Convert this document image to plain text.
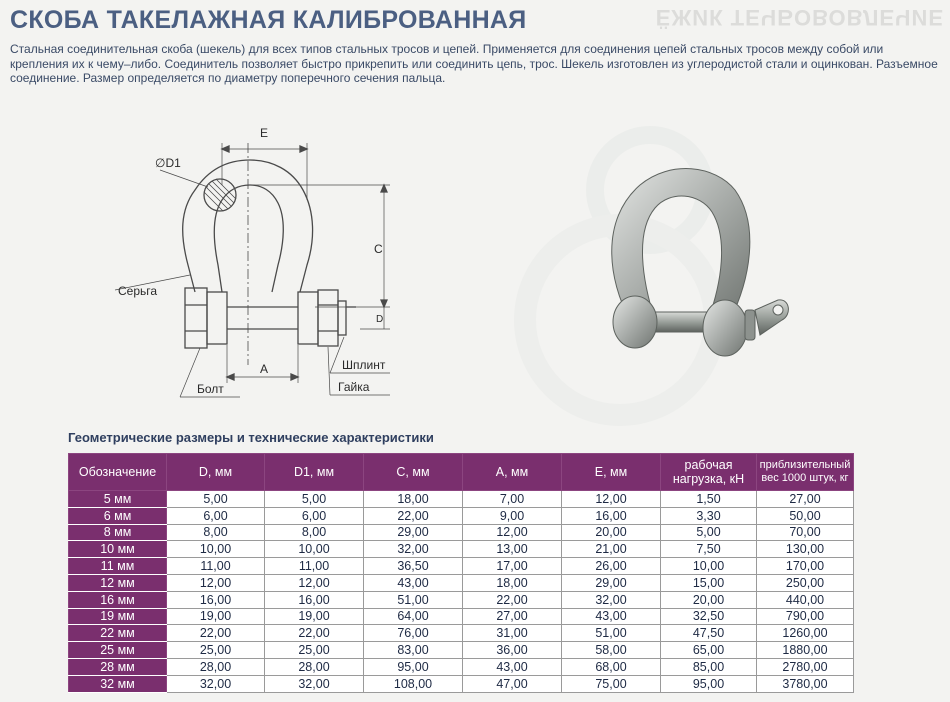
ЁЖИК ТЕЧБОВОВЛЕЧИЕ
СКОБА ТАКЕЛАЖНАЯ КАЛИБРОВАННАЯ

Стальная соединительная скоба (шекель) для всех типов стальных тросов и цепей. Применяется для соединения цепей стальных тросов между собой или крепления их к чему–либо. Соединитель позволяет быстро прикрепить или соединить цепь, трос. Шекель изготовлен из углеродистой стали и оцинкован. Разъемное соединение. Размер определяется по диаметру поперечного сечения пальца.

E
∅D1
C
D
A
Серьга
Болт
Шплинт
Гайка
Геометрические размеры и технические характеристики
Обозначение	D, мм	D1, мм	С, мм	А, мм	Е, мм	рабочая нагрузка, кН	приблизительный вес 1000 штук, кг
5 мм	5,00	5,00	18,00	7,00	12,00	1,50	27,00
6 мм	6,00	6,00	22,00	9,00	16,00	3,30	50,00
8 мм	8,00	8,00	29,00	12,00	20,00	5,00	70,00
10 мм	10,00	10,00	32,00	13,00	21,00	7,50	130,00
11 мм	11,00	11,00	36,50	17,00	26,00	10,00	170,00
12 мм	12,00	12,00	43,00	18,00	29,00	15,00	250,00
16 мм	16,00	16,00	51,00	22,00	32,00	20,00	440,00
19 мм	19,00	19,00	64,00	27,00	43,00	32,50	790,00
22 мм	22,00	22,00	76,00	31,00	51,00	47,50	1260,00
25 мм	25,00	25,00	83,00	36,00	58,00	65,00	1880,00
28 мм	28,00	28,00	95,00	43,00	68,00	85,00	2780,00
32 мм	32,00	32,00	108,00	47,00	75,00	95,00	3780,00
